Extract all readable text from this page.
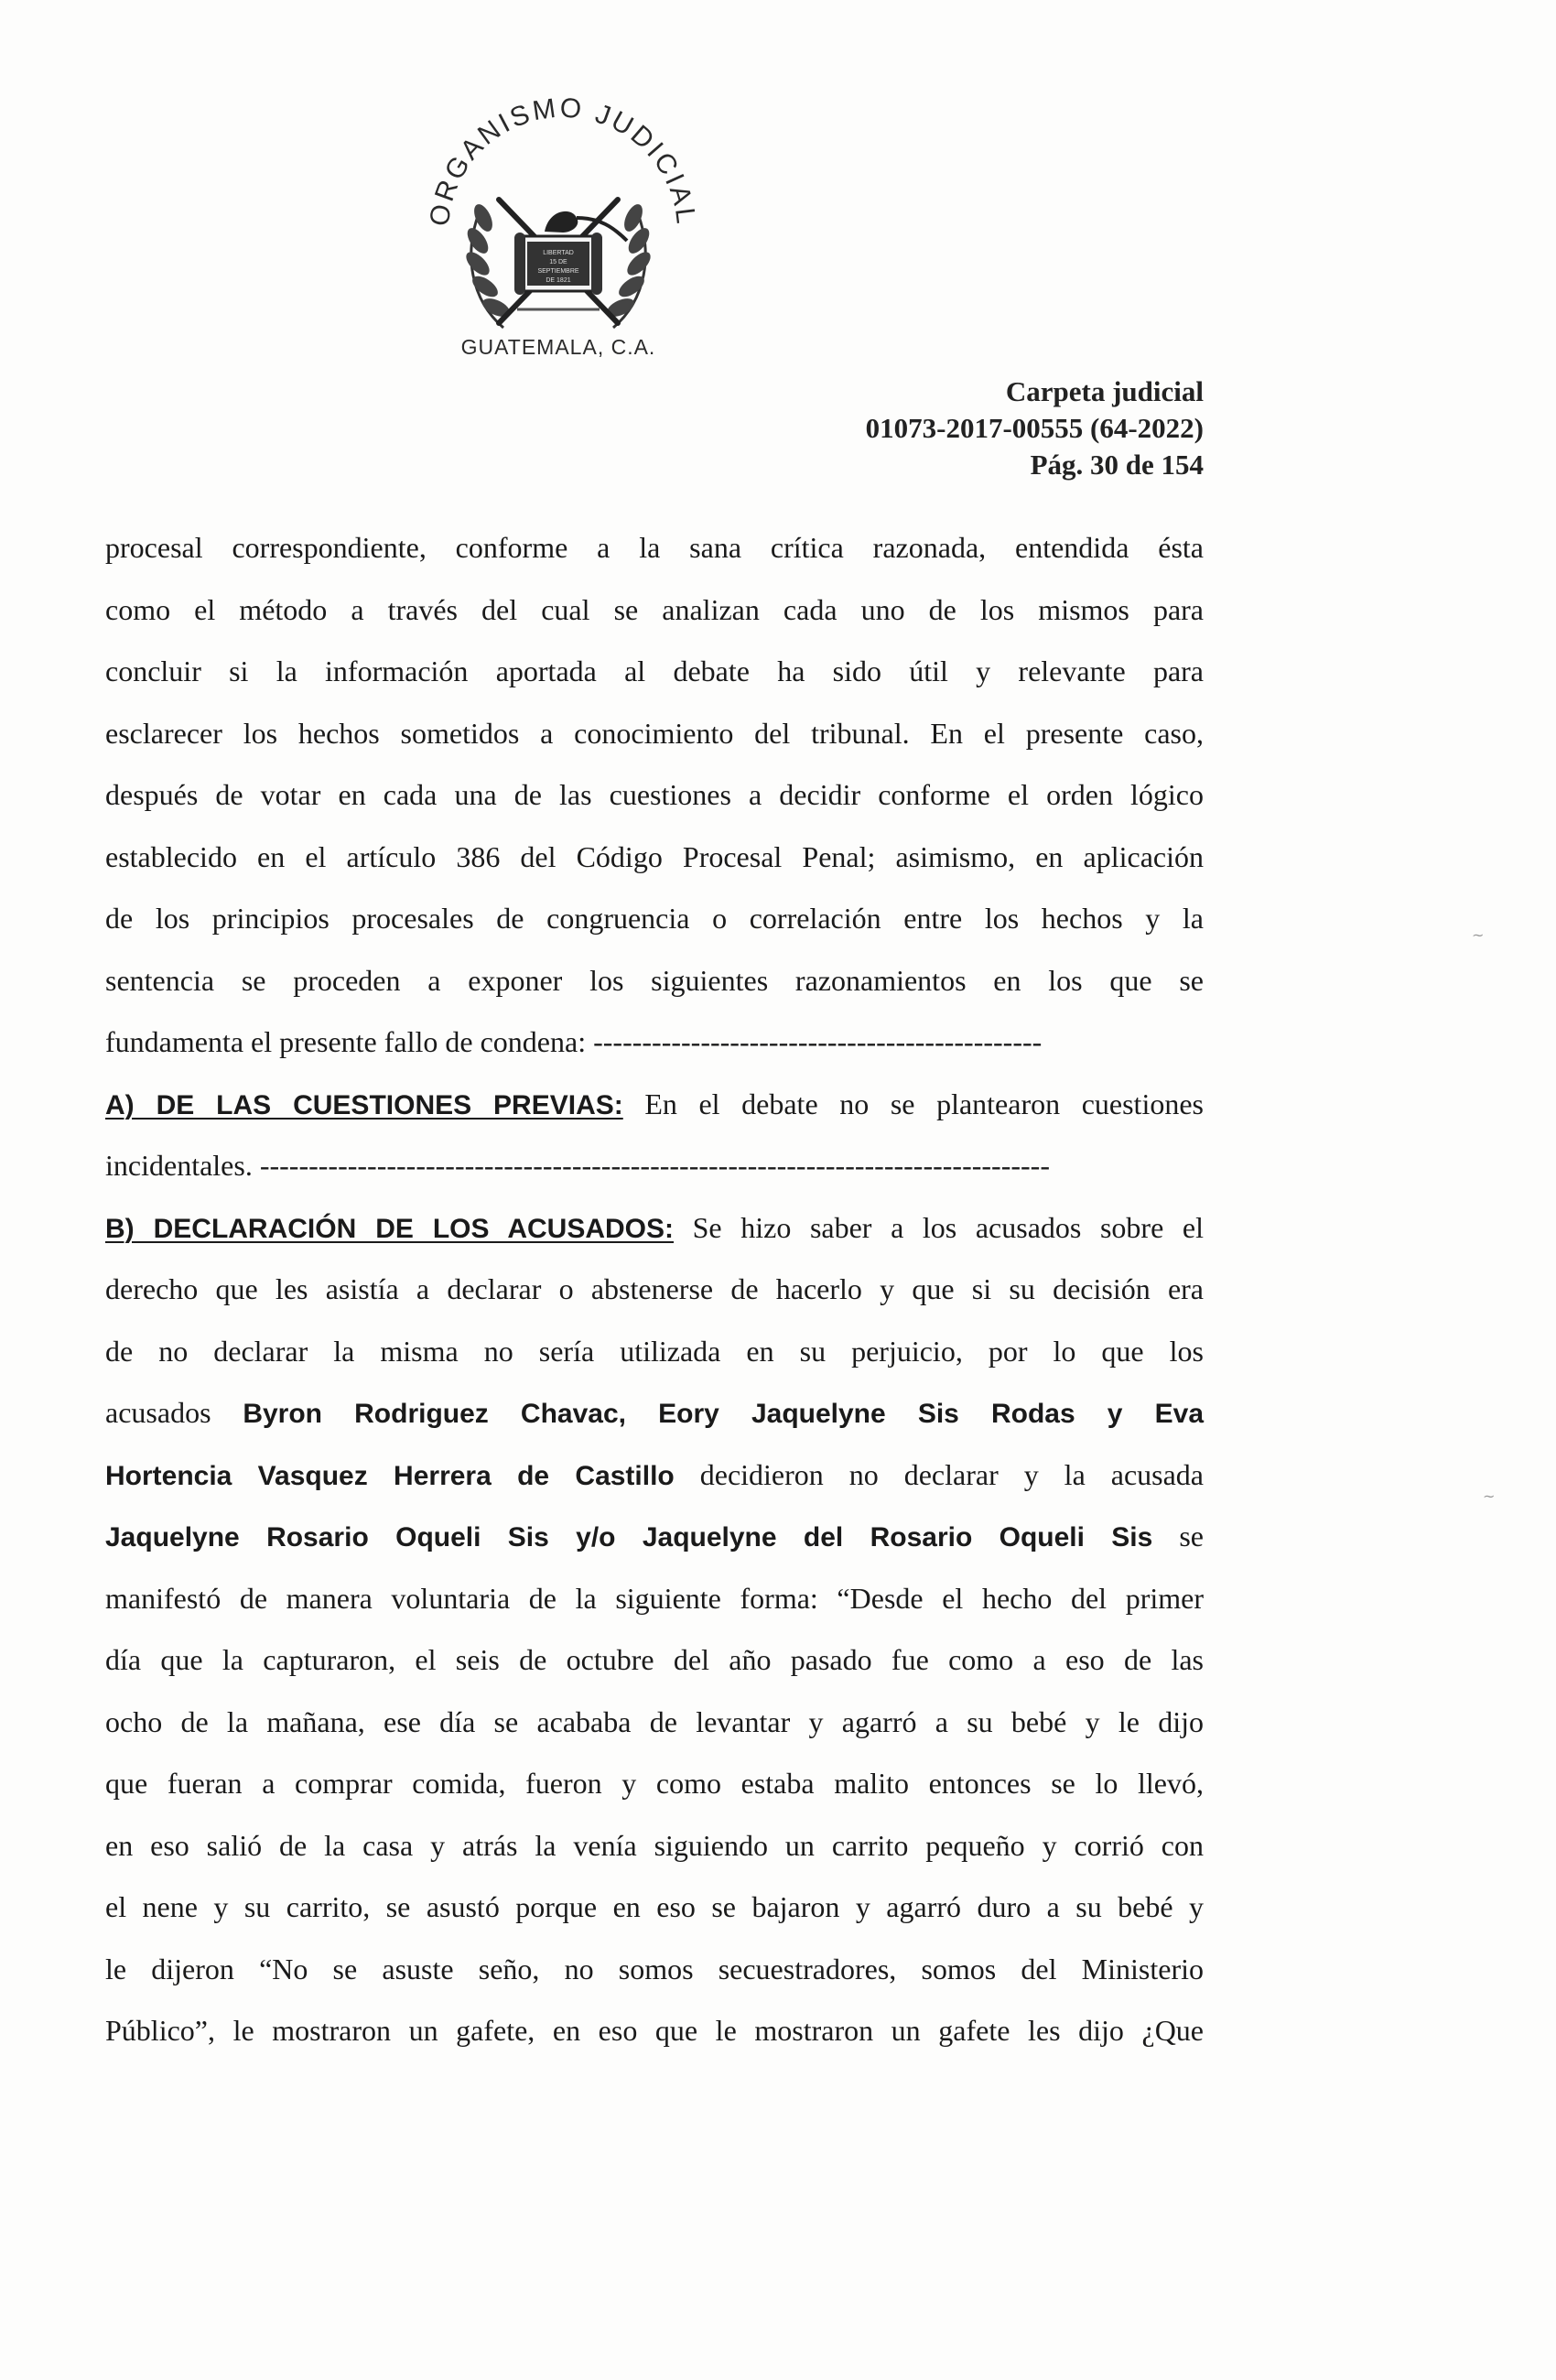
ORGANISMO JUDICIAL
LIBERTAD
15 DE
SEPTIEMBRE
DE 1821
GUATEMALA, C.A.
Carpeta judicial
01073-2017-00555 (64-2022)
Pág. 30 de 154
procesal correspondiente, conforme a la sana crítica razonada, entendida ésta
como el método a través del cual se analizan cada uno de los mismos para
concluir si la información aportada al debate ha sido útil y relevante para
esclarecer los hechos sometidos a conocimiento del tribunal. En el presente caso,
después de votar en cada una de las cuestiones a decidir conforme el orden lógico
establecido en el artículo 386 del Código Procesal Penal; asimismo, en aplicación
de los principios procesales de congruencia o correlación entre los hechos y la
sentencia se proceden a exponer los siguientes razonamientos en los que se
fundamenta el presente fallo de condena: ----------------------------------------------
A) DE LAS CUESTIONES PREVIAS: En el debate no se plantearon cuestiones
incidentales. ---------------------------------------------------------------------------------
B) DECLARACIÓN DE LOS ACUSADOS: Se hizo saber a los acusados sobre el
derecho que les asistía a declarar o abstenerse de hacerlo y que si su decisión era
de no declarar la misma no sería utilizada en su perjuicio, por lo que los
acusados Byron Rodriguez Chavac, Eory Jaquelyne Sis Rodas y Eva
Hortencia Vasquez Herrera de Castillo decidieron no declarar y la acusada
Jaquelyne Rosario Oqueli Sis y/o Jaquelyne del Rosario Oqueli Sis se
manifestó de manera voluntaria de la siguiente forma: “Desde el hecho del primer
día que la capturaron, el seis de octubre del año pasado fue como a eso de las
ocho de la mañana, ese día se acababa de levantar y agarró a su bebé y le dijo
que fueran a comprar comida, fueron y como estaba malito entonces se lo llevó,
en eso salió de la casa y atrás la venía siguiendo un carrito pequeño y corrió con
el nene y su carrito, se asustó porque en eso se bajaron y agarró duro a su bebé y
le dijeron “No se asuste seño, no somos secuestradores, somos del Ministerio
Público”, le mostraron un gafete, en eso que le mostraron un gafete les dijo ¿Que
~
~
